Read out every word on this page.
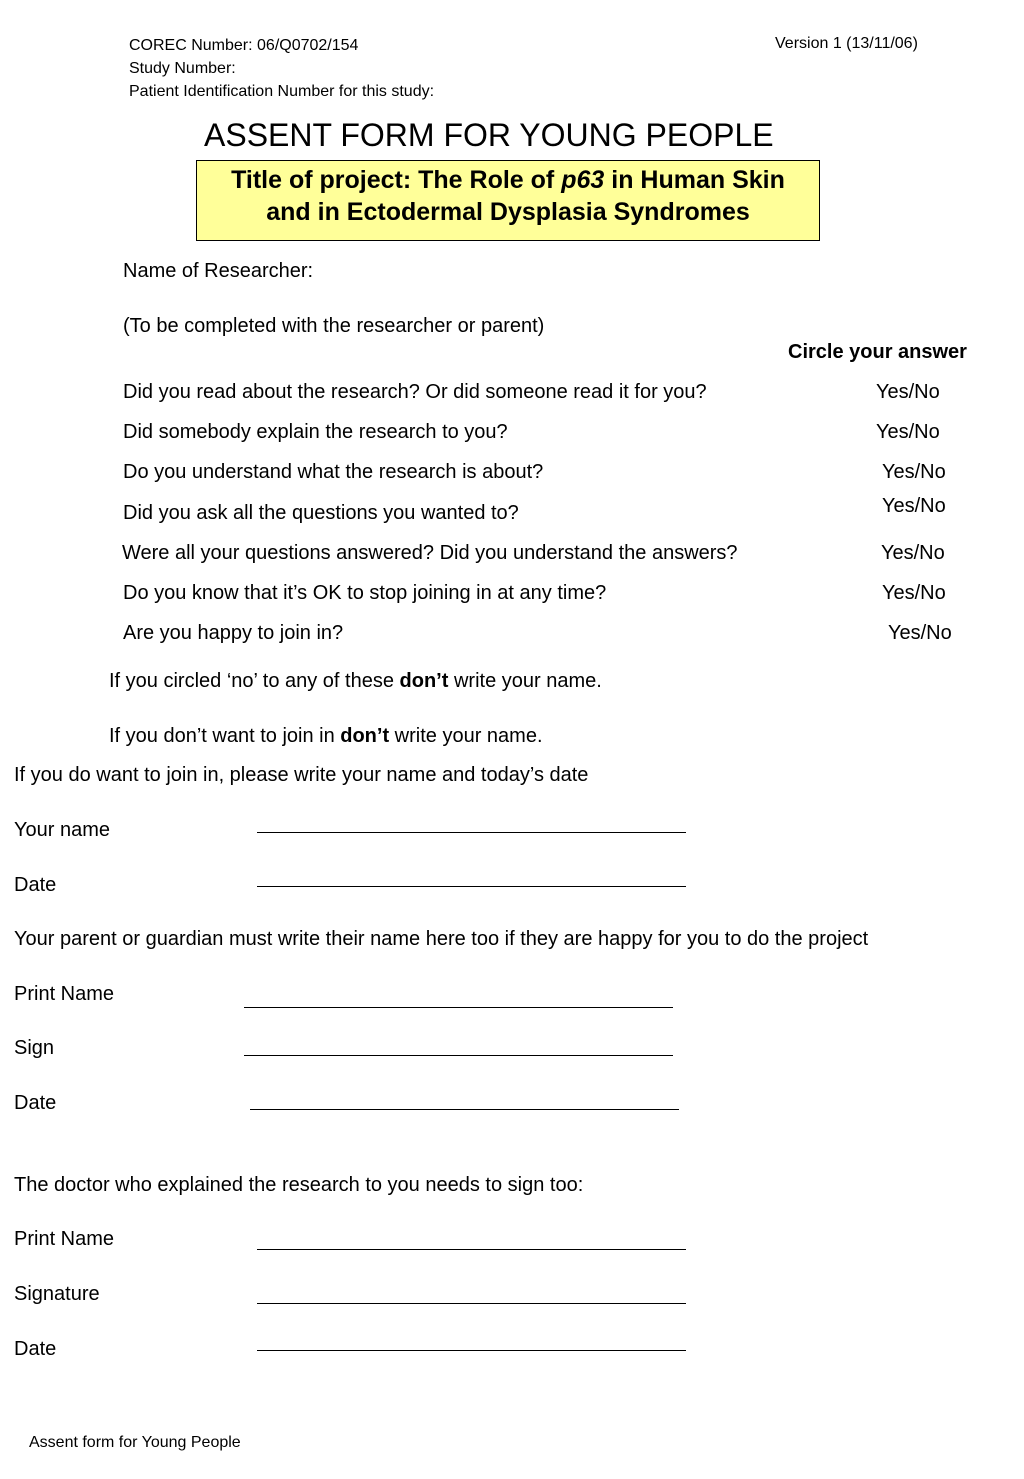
COREC Number: 06/Q0702/154
Study Number:
Patient Identification Number for this study:
Version 1 (13/11/06)
ASSENT FORM FOR YOUNG PEOPLE
Title of project: The Role of p63 in Human Skin
and in Ectodermal Dysplasia Syndromes
Name of Researcher:
(To be completed with the researcher or parent)
Circle your answer
Did you read about the research? Or did someone read it for you?	Yes/No
Did somebody explain the research to you?	Yes/No
Do you understand what the research is about?	Yes/No
Did you ask all the questions you wanted to?	Yes/No
Were all your questions answered? Did you understand the answers?	Yes/No
Do you know that it’s OK to stop joining in at any time?	Yes/No
Are you happy to join in?	Yes/No
If you circled ‘no’ to any of these don’t write your name.
If you don’t want to join in don’t write your name.
If you do want to join in, please write your name and today’s date
Your name
Date
Your parent or guardian must write their name here too if they are happy for you to do the project
Print Name
Sign
Date
The doctor who explained the research to you needs to sign too:
Print Name
Signature
Date
Assent form for Young People
